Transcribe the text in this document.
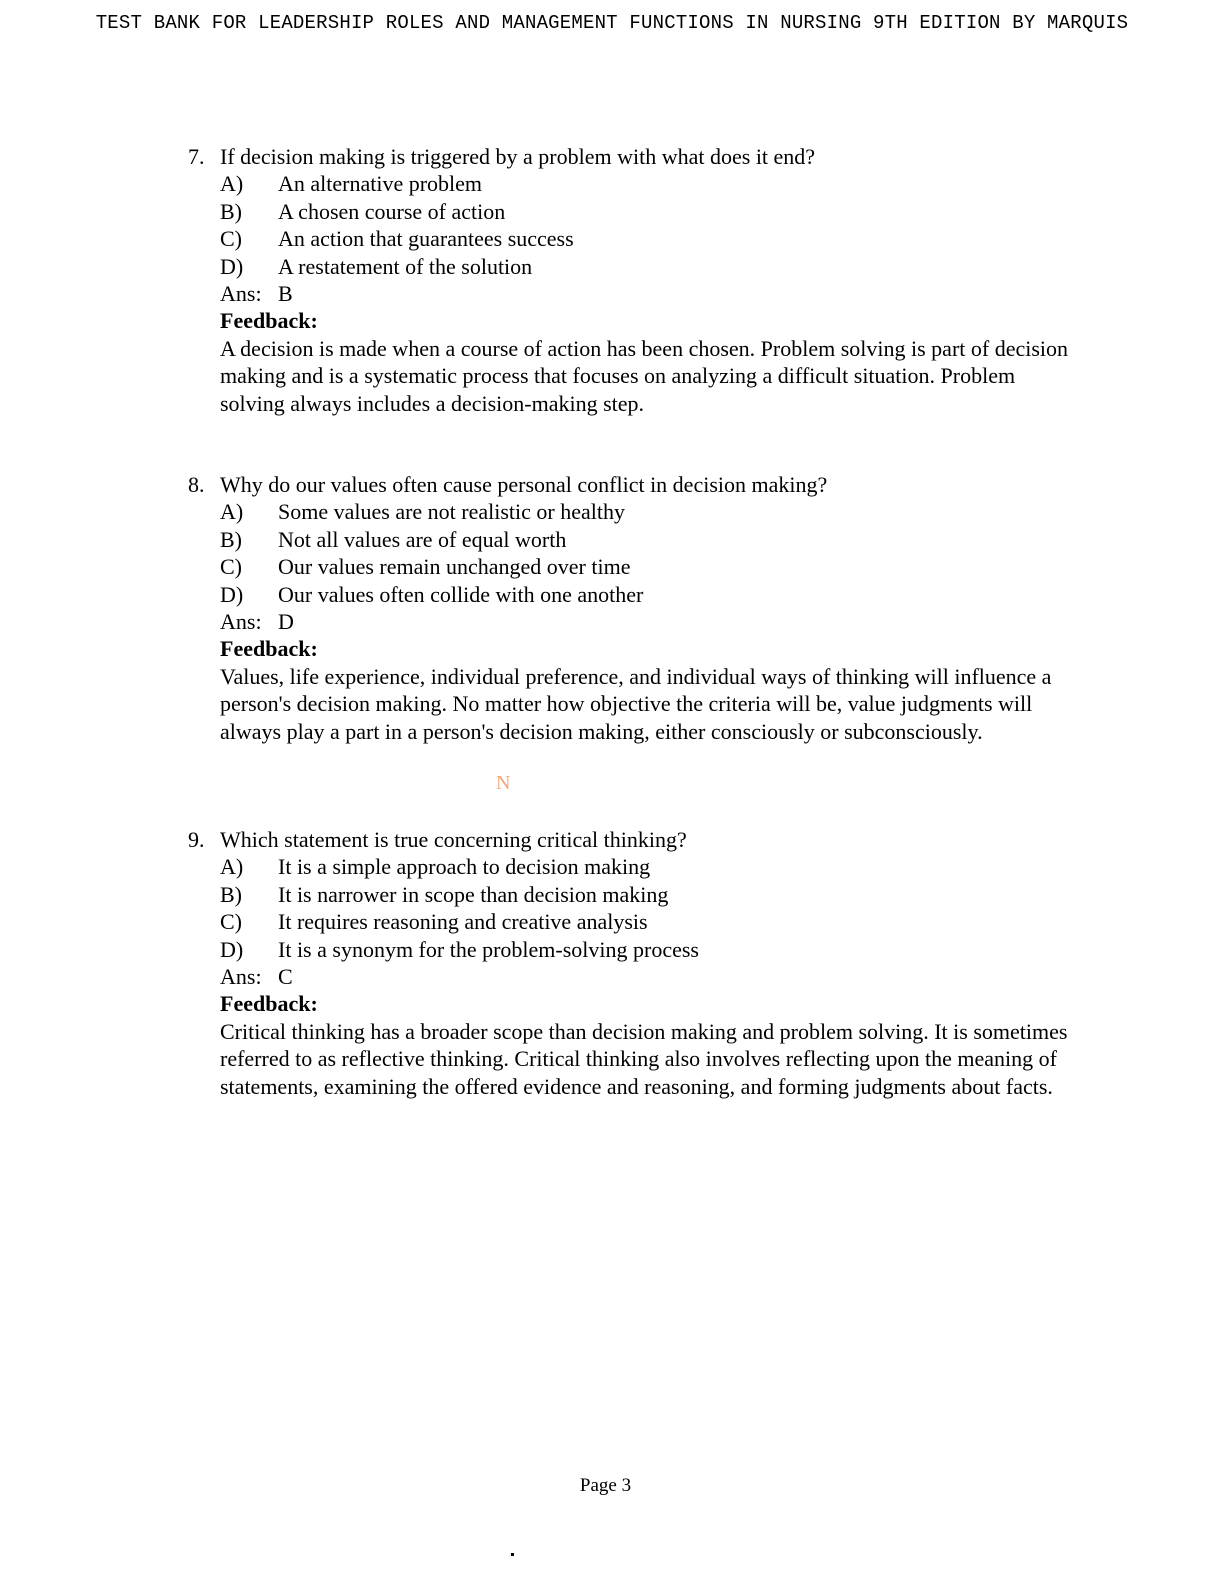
TEST BANK FOR LEADERSHIP ROLES AND MANAGEMENT FUNCTIONS IN NURSING 9TH EDITION BY MARQUIS
7. If decision making is triggered by a problem with what does it end?
A)	An alternative problem
B)	A chosen course of action
C)	An action that guarantees success
D)	A restatement of the solution
Ans: B
Feedback:
A decision is made when a course of action has been chosen. Problem solving is part of decision making and is a systematic process that focuses on analyzing a difficult situation. Problem solving always includes a decision-making step.
8. Why do our values often cause personal conflict in decision making?
A)	Some values are not realistic or healthy
B)	Not all values are of equal worth
C)	Our values remain unchanged over time
D)	Our values often collide with one another
Ans: D
Feedback:
Values, life experience, individual preference, and individual ways of thinking will influence a person's decision making. No matter how objective the criteria will be, value judgments will always play a part in a person's decision making, either consciously or subconsciously.
N
9. Which statement is true concerning critical thinking?
A)	It is a simple approach to decision making
B)	It is narrower in scope than decision making
C)	It requires reasoning and creative analysis
D)	It is a synonym for the problem-solving process
Ans: C
Feedback:
Critical thinking has a broader scope than decision making and problem solving. It is sometimes referred to as reflective thinking. Critical thinking also involves reflecting upon the meaning of statements, examining the offered evidence and reasoning, and forming judgments about facts.
Page 3
